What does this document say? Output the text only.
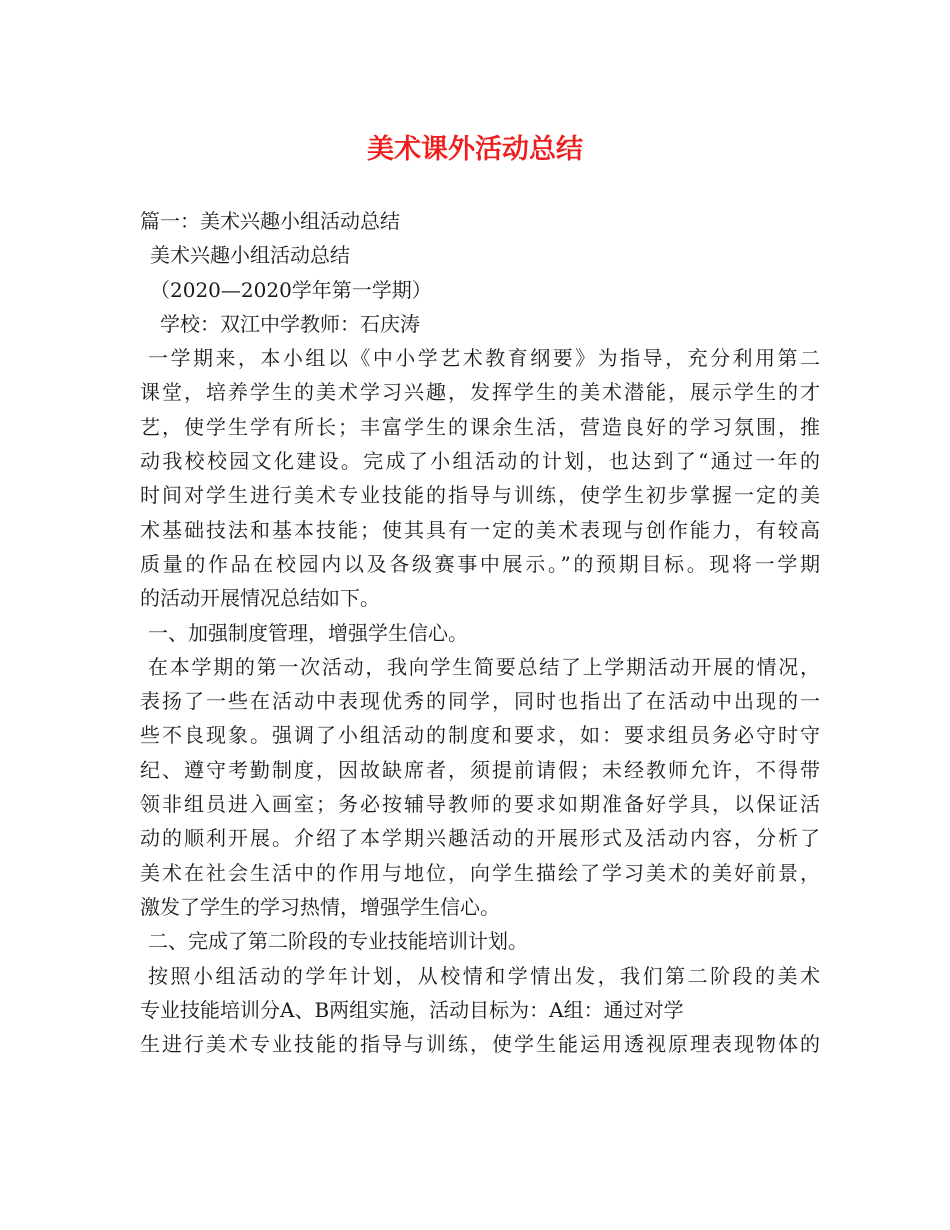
美术课外活动总结
篇一：美术兴趣小组活动总结
美术兴趣小组活动总结
（2020—2020学年第一学期）
学校：双江中学教师：石庆涛
一学期来，本小组以《中小学艺术教育纲要》为指导，充分利用第二
课堂，培养学生的美术学习兴趣，发挥学生的美术潜能，展示学生的才
艺，使学生学有所长；丰富学生的课余生活，营造良好的学习氛围，推
动我校校园文化建设。完成了小组活动的计划，也达到了“通过一年的
时间对学生进行美术专业技能的指导与训练，使学生初步掌握一定的美
术基础技法和基本技能；使其具有一定的美术表现与创作能力，有较高
质量的作品在校园内以及各级赛事中展示。”的预期目标。现将一学期
的活动开展情况总结如下。
一、加强制度管理，增强学生信心。
在本学期的第一次活动，我向学生简要总结了上学期活动开展的情况，
表扬了一些在活动中表现优秀的同学，同时也指出了在活动中出现的一
些不良现象。强调了小组活动的制度和要求，如：要求组员务必守时守
纪、遵守考勤制度，因故缺席者，须提前请假；未经教师允许，不得带
领非组员进入画室；务必按辅导教师的要求如期准备好学具，以保证活
动的顺利开展。介绍了本学期兴趣活动的开展形式及活动内容，分析了
美术在社会生活中的作用与地位，向学生描绘了学习美术的美好前景，
激发了学生的学习热情，增强学生信心。
二、完成了第二阶段的专业技能培训计划。
按照小组活动的学年计划，从校情和学情出发，我们第二阶段的美术
专业技能培训分A、B两组实施，活动目标为：A组：通过对学
生进行美术专业技能的指导与训练，使学生能运用透视原理表现物体的
